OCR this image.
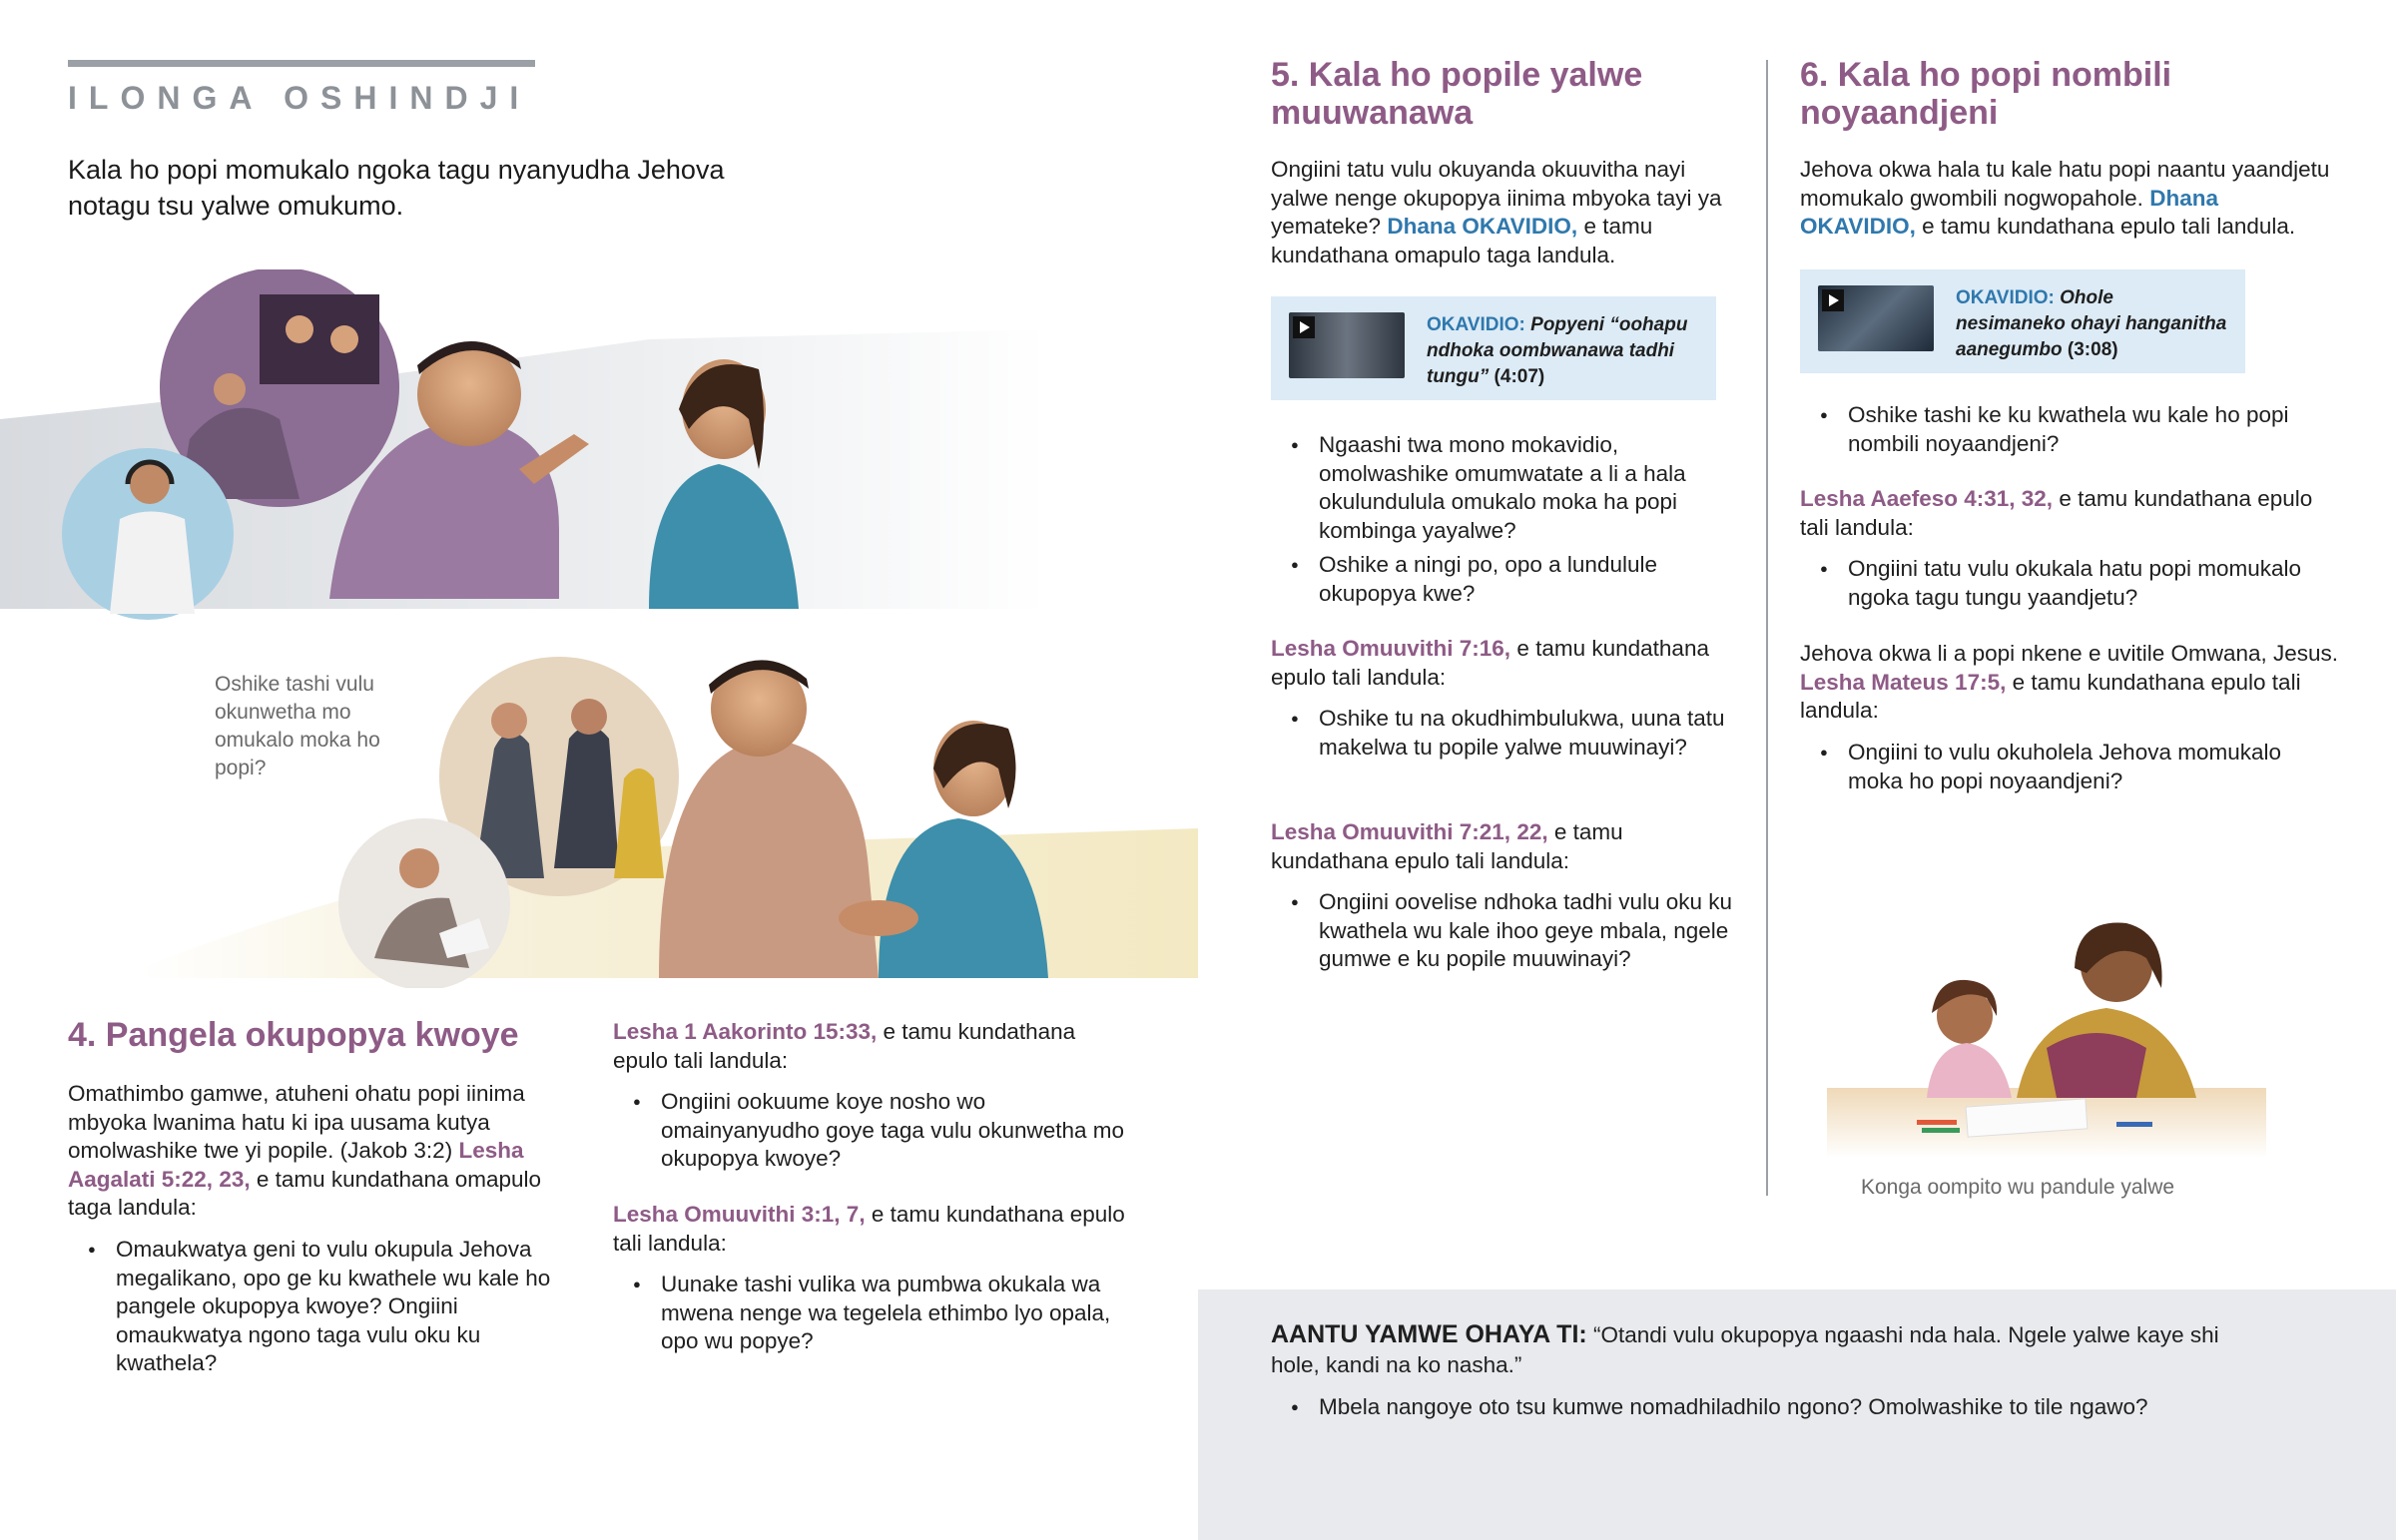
ILONGA OSHINDJI
Kala ho popi momukalo ngoka tagu nyanyudha Jehova notagu tsu yalwe omukumo.
Oshike tashi vulu okunwetha mo omukalo moka ho popi?
4. Pangela okupopya kwoye
Omathimbo gamwe, atuheni ohatu popi iinima mbyoka lwanima hatu ki ipa uusama kutya omolwashike twe yi popile. (Jakob 3:2) Lesha Aagalati 5:22, 23, e tamu kundathana omapulo taga landula:
● Omaukwatya geni to vulu okupula Jehova megalikano, opo ge ku kwathele wu kale ho pangele okupopya kwoye? Ongiini omaukwatya ngono taga vulu oku ku kwathela?
Lesha 1 Aakorinto 15:33, e tamu kundathana epulo tali landula:
● Ongiini ookuume koye nosho wo omainyanyudho goye taga vulu okunwetha mo okupopya kwoye?
Lesha Omuuvithi 3:1, 7, e tamu kundathana epulo tali landula:
● Uunake tashi vulika wa pumbwa okukala wa mwena nenge wa tegelela ethimbo lyo opala, opo wu popye?
5. Kala ho popile yalwe muuwanawa
Ongiini tatu vulu okuyanda okuuvitha nayi yalwe nenge okupopya iinima mbyoka tayi ya yemateke? Dhana OKAVIDIO, e tamu kundathana omapulo taga landula.
OKAVIDIO: Popyeni “oohapu ndhoka oombwanawa tadhi tungu” (4:07)
● Ngaashi twa mono mokavidio, omolwashike omumwatate a li a hala okulundulula omukalo moka ha popi kombinga yayalwe?
● Oshike a ningi po, opo a lundulule okupopya kwe?
Lesha Omuuvithi 7:16, e tamu kundathana epulo tali landula:
● Oshike tu na okudhimbulukwa, uuna tatu makelwa tu popile yalwe muuwinayi?
Lesha Omuuvithi 7:21, 22, e tamu kundathana epulo tali landula:
● Ongiini oovelise ndhoka tadhi vulu oku ku kwathela wu kale ihoo geye mbala, ngele gumwe e ku popile muuwinayi?
6. Kala ho popi nombili noyaandjeni
Jehova okwa hala tu kale hatu popi naantu yaandjetu momukalo gwombili nogwopahole. Dhana OKAVIDIO, e tamu kundathana epulo tali landula.
OKAVIDIO: Ohole nesimaneko ohayi hanganitha aanegumbo (3:08)
● Oshike tashi ke ku kwathela wu kale ho popi nombili noyaandjeni?
Lesha Aaefeso 4:31, 32, e tamu kundathana epulo tali landula:
● Ongiini tatu vulu okukala hatu popi momukalo ngoka tagu tungu yaandjetu?
Jehova okwa li a popi nkene e uvitile Omwana, Jesus. Lesha Mateus 17:5, e tamu kundathana epulo tali landula:
● Ongiini to vulu okuholela Jehova momukalo moka ho popi noyaandjeni?
Konga oompito wu pandule yalwe
AANTU YAMWE OHAYA TI: “Otandi vulu okupopya ngaashi nda hala. Ngele yalwe kaye shi hole, kandi na ko nasha.”
● Mbela nangoye oto tsu kumwe nomadhiladhilo ngono? Omolwashike to tile ngawo?
